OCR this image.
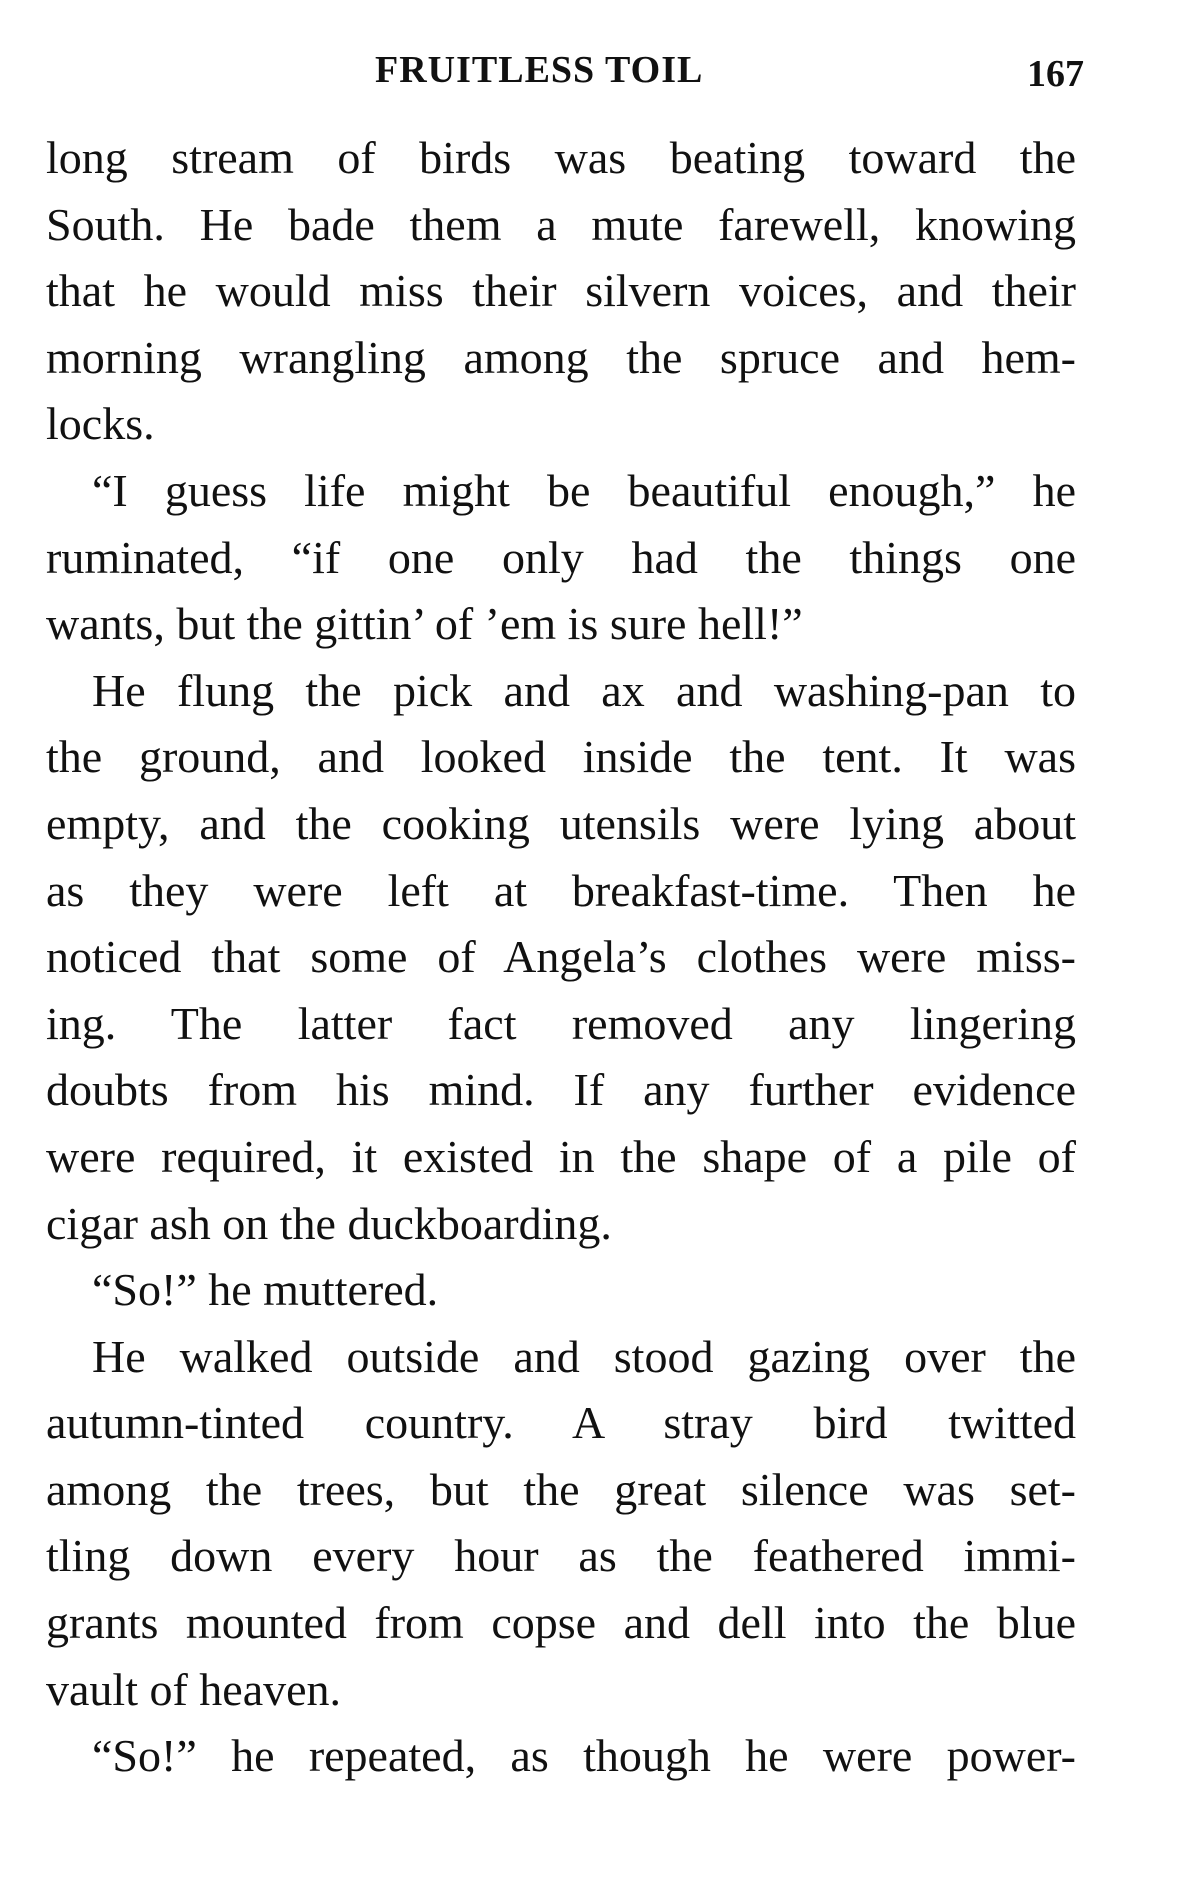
FRUITLESS TOIL	167
long stream of birds was beating toward the
South. He bade them a mute farewell, knowing
that he would miss their silvern voices, and their
morning wrangling among the spruce and hem-
locks.
“I guess life might be beautiful enough,” he
ruminated, “if one only had the things one
wants, but the gittin’ of ’em is sure hell!”
He flung the pick and ax and washing-pan to
the ground, and looked inside the tent. It was
empty, and the cooking utensils were lying about
as they were left at breakfast-time. Then he
noticed that some of Angela’s clothes were miss-
ing. The latter fact removed any lingering
doubts from his mind. If any further evidence
were required, it existed in the shape of a pile of
cigar ash on the duckboarding.
“So!” he muttered.
He walked outside and stood gazing over the
autumn-tinted country. A stray bird twitted
among the trees, but the great silence was set-
tling down every hour as the feathered immi-
grants mounted from copse and dell into the blue
vault of heaven.
“So!” he repeated, as though he were power-
